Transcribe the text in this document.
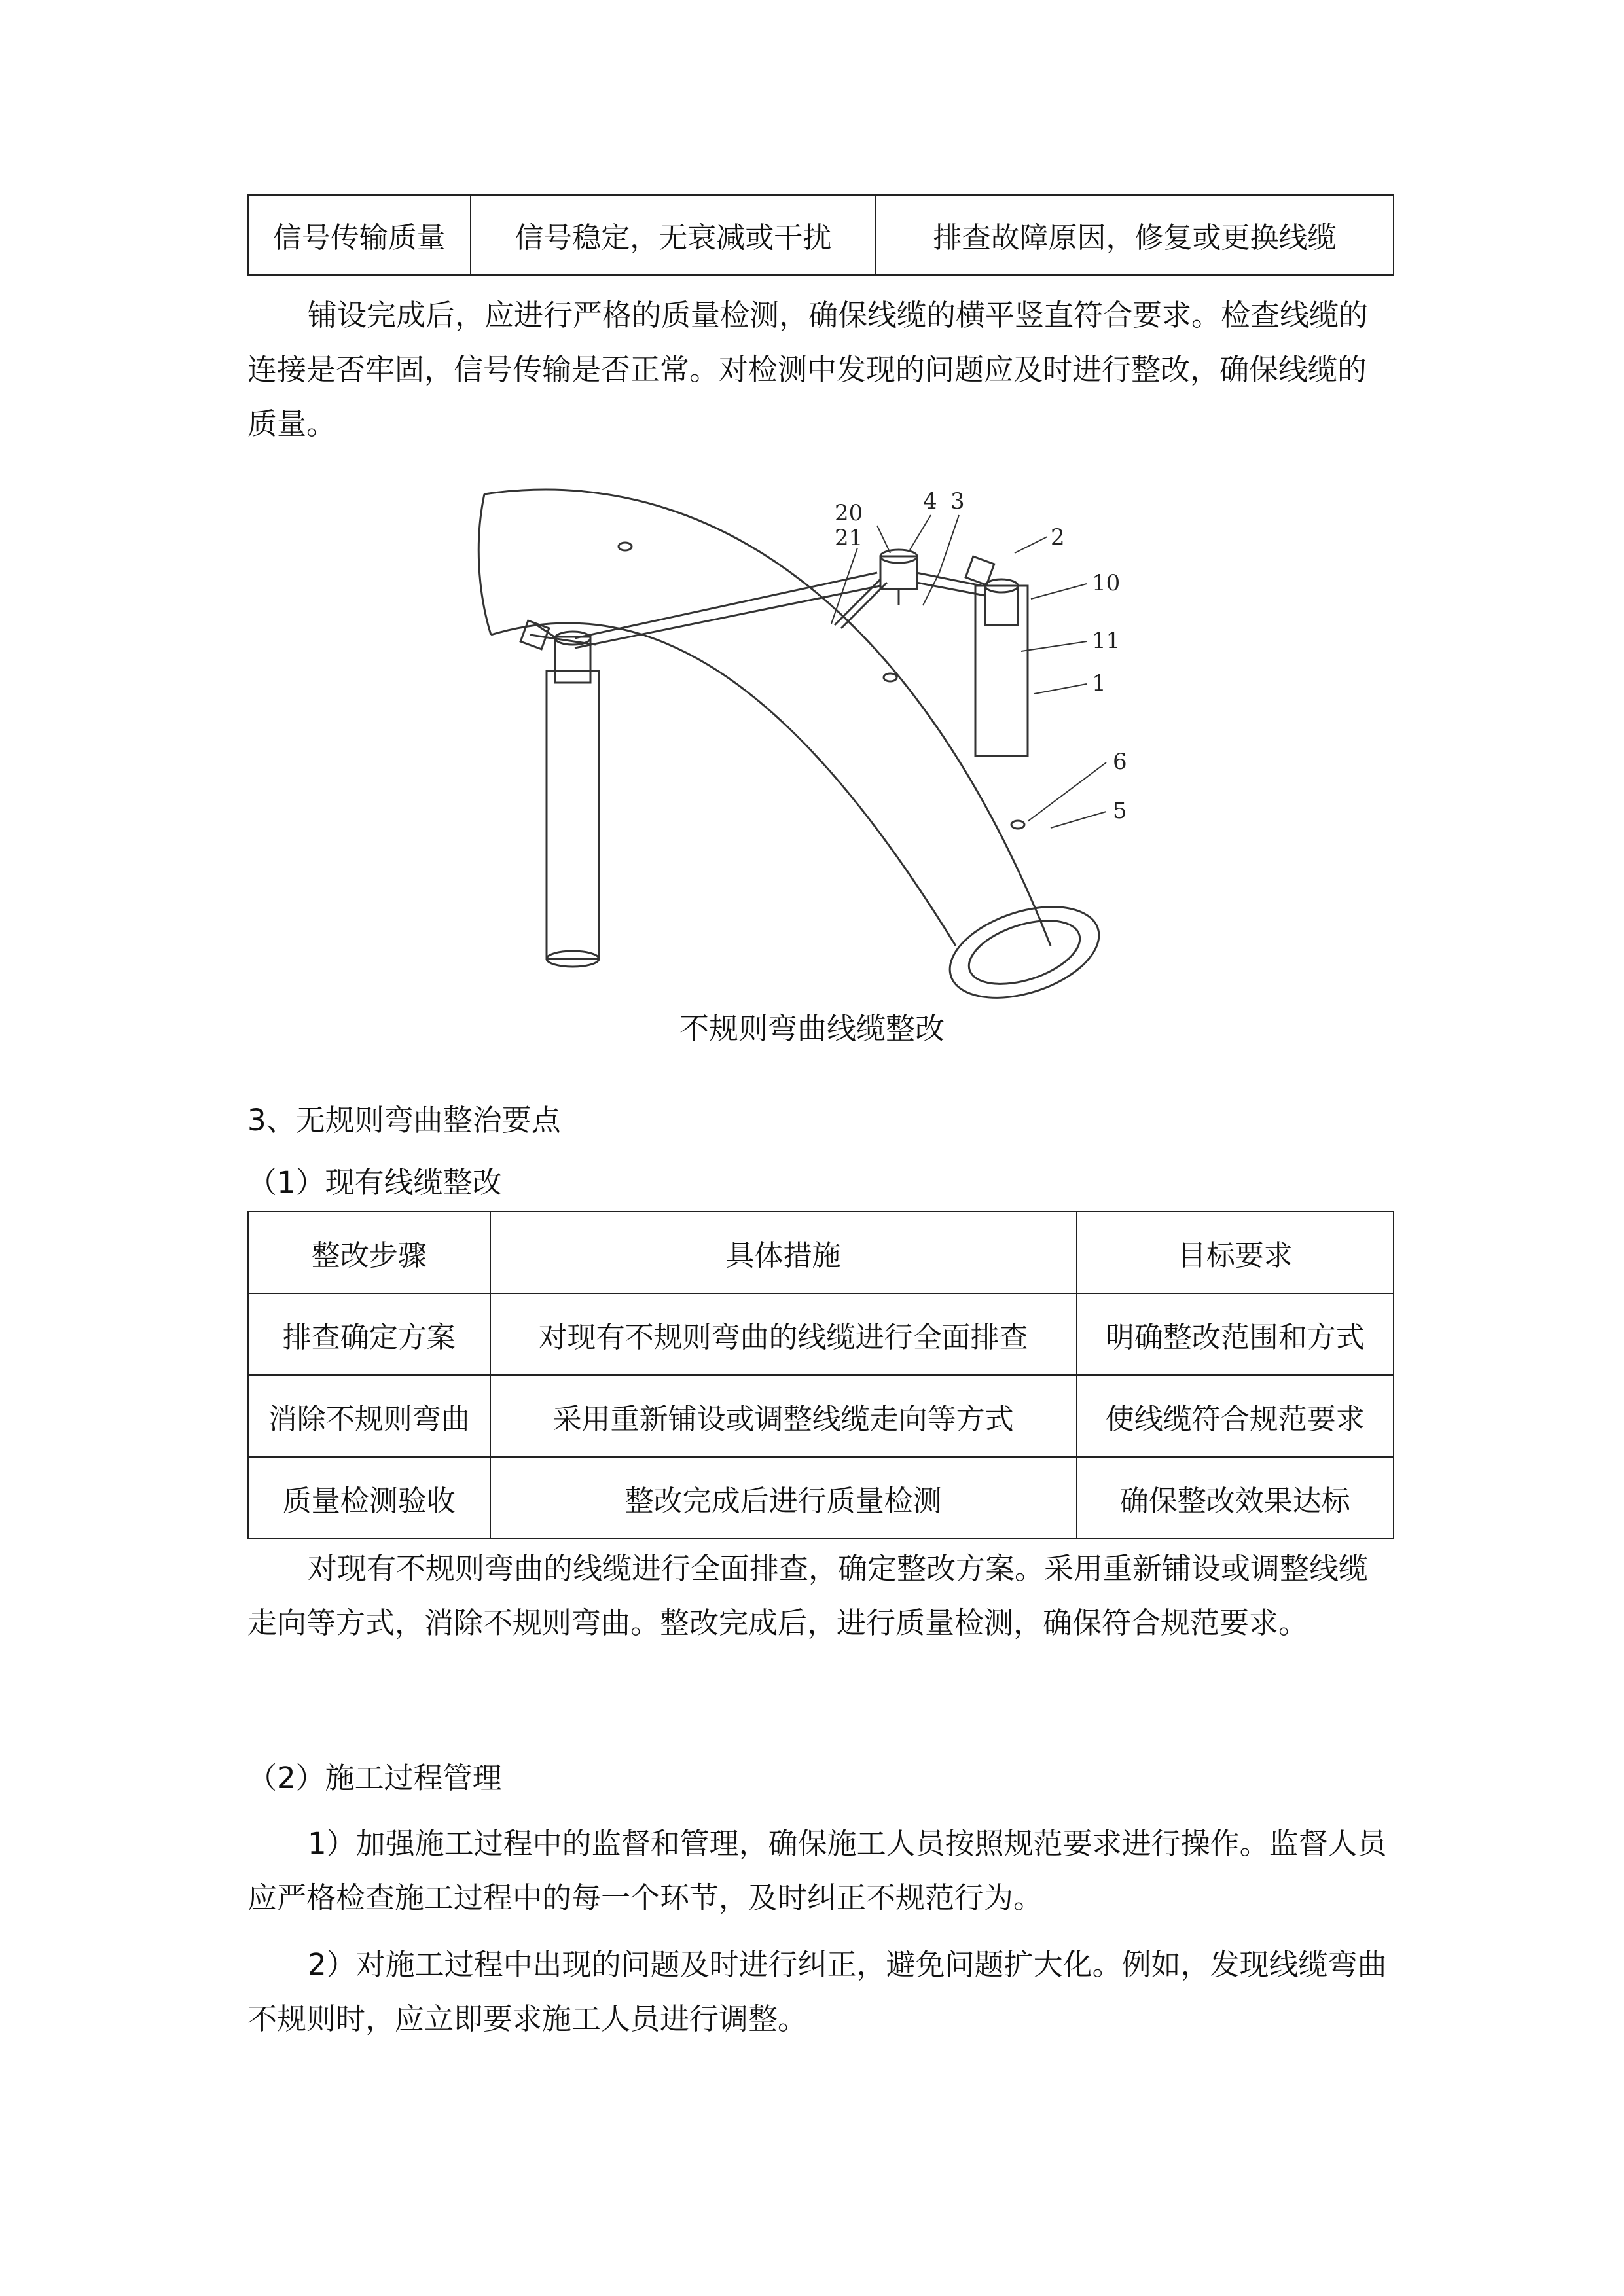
信号传输质量	信号稳定，无衰减或干扰	排查故障原因，修复或更换线缆

铺设完成后，应进行严格的质量检测，确保线缆的横平竖直符合要求。检查线缆的连接是否牢固，信号传输是否正常。对检测中发现的问题应及时进行整改，确保线缆的质量。

20
21
4 3
2
10
11
1
6
5

不规则弯曲线缆整改

3、无规则弯曲整治要点

（1）现有线缆整改

整改步骤	具体措施	目标要求
排查确定方案	对现有不规则弯曲的线缆进行全面排查	明确整改范围和方式
消除不规则弯曲	采用重新铺设或调整线缆走向等方式	使线缆符合规范要求
质量检测验收	整改完成后进行质量检测	确保整改效果达标

对现有不规则弯曲的线缆进行全面排查，确定整改方案。采用重新铺设或调整线缆走向等方式，消除不规则弯曲。整改完成后，进行质量检测，确保符合规范要求。

（2）施工过程管理

1）加强施工过程中的监督和管理，确保施工人员按照规范要求进行操作。监督人员应严格检查施工过程中的每一个环节，及时纠正不规范行为。

2）对施工过程中出现的问题及时进行纠正，避免问题扩大化。例如，发现线缆弯曲不规则时，应立即要求施工人员进行调整。
